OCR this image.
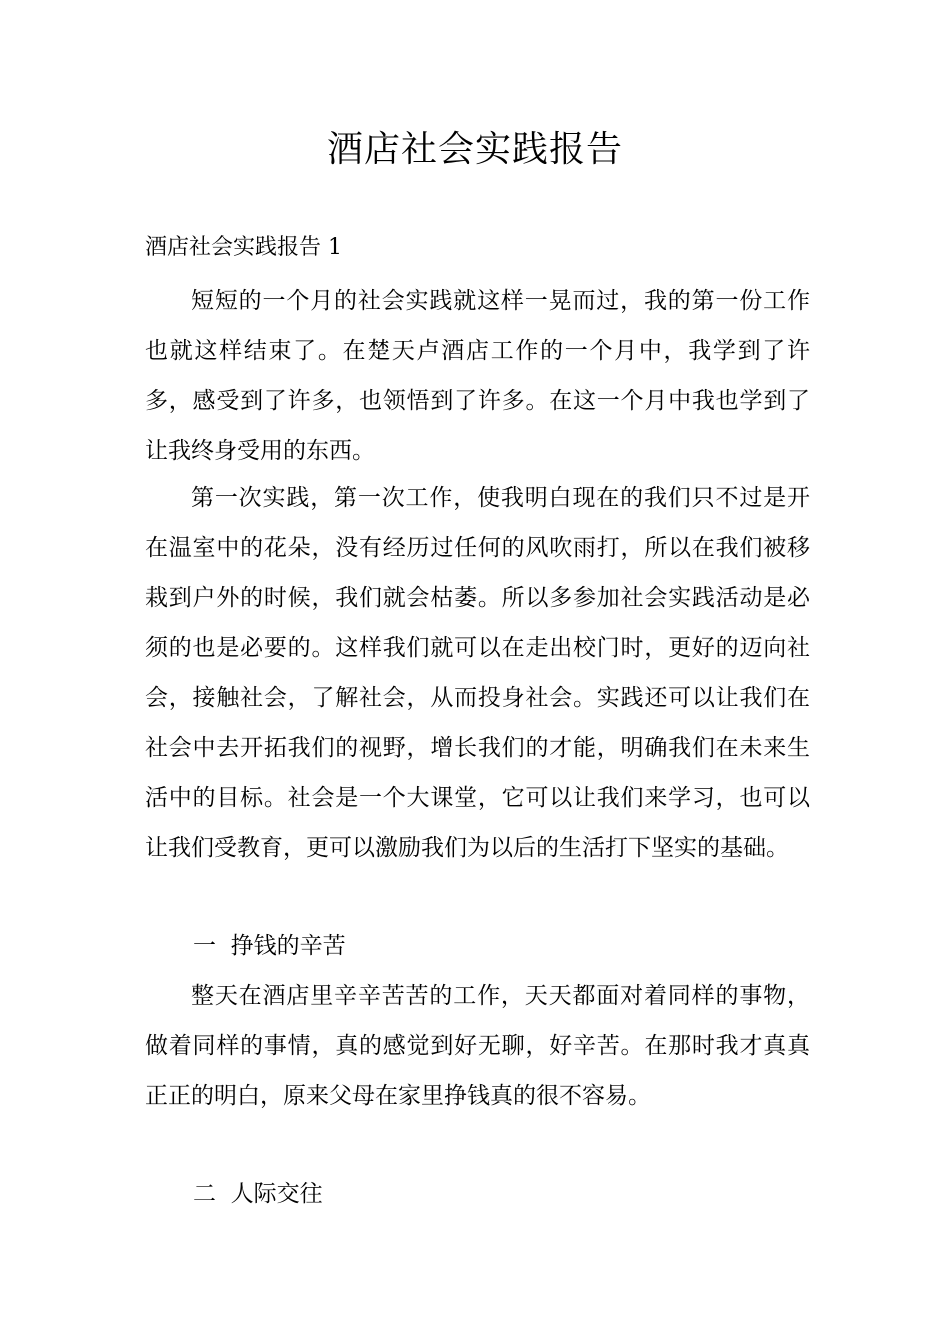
酒店社会实践报告
酒店社会实践报告 1

短短的一个月的社会实践就这样一晃而过，我的第一份工作也就这样结束了。在楚天卢酒店工作的一个月中，我学到了许多，感受到了许多，也领悟到了许多。在这一个月中我也学到了让我终身受用的东西。

第一次实践，第一次工作，使我明白现在的我们只不过是开在温室中的花朵，没有经历过任何的风吹雨打，所以在我们被移栽到户外的时候，我们就会枯萎。所以多参加社会实践活动是必须的也是必要的。这样我们就可以在走出校门时，更好的迈向社会，接触社会，了解社会，从而投身社会。实践还可以让我们在社会中去开拓我们的视野，增长我们的才能，明确我们在未来生活中的目标。社会是一个大课堂，它可以让我们来学习，也可以让我们受教育，更可以激励我们为以后的生活打下坚实的基础。

一  挣钱的辛苦

整天在酒店里辛辛苦苦的工作，天天都面对着同样的事物，做着同样的事情，真的感觉到好无聊，好辛苦。在那时我才真真正正的明白，原来父母在家里挣钱真的很不容易。

二  人际交往
